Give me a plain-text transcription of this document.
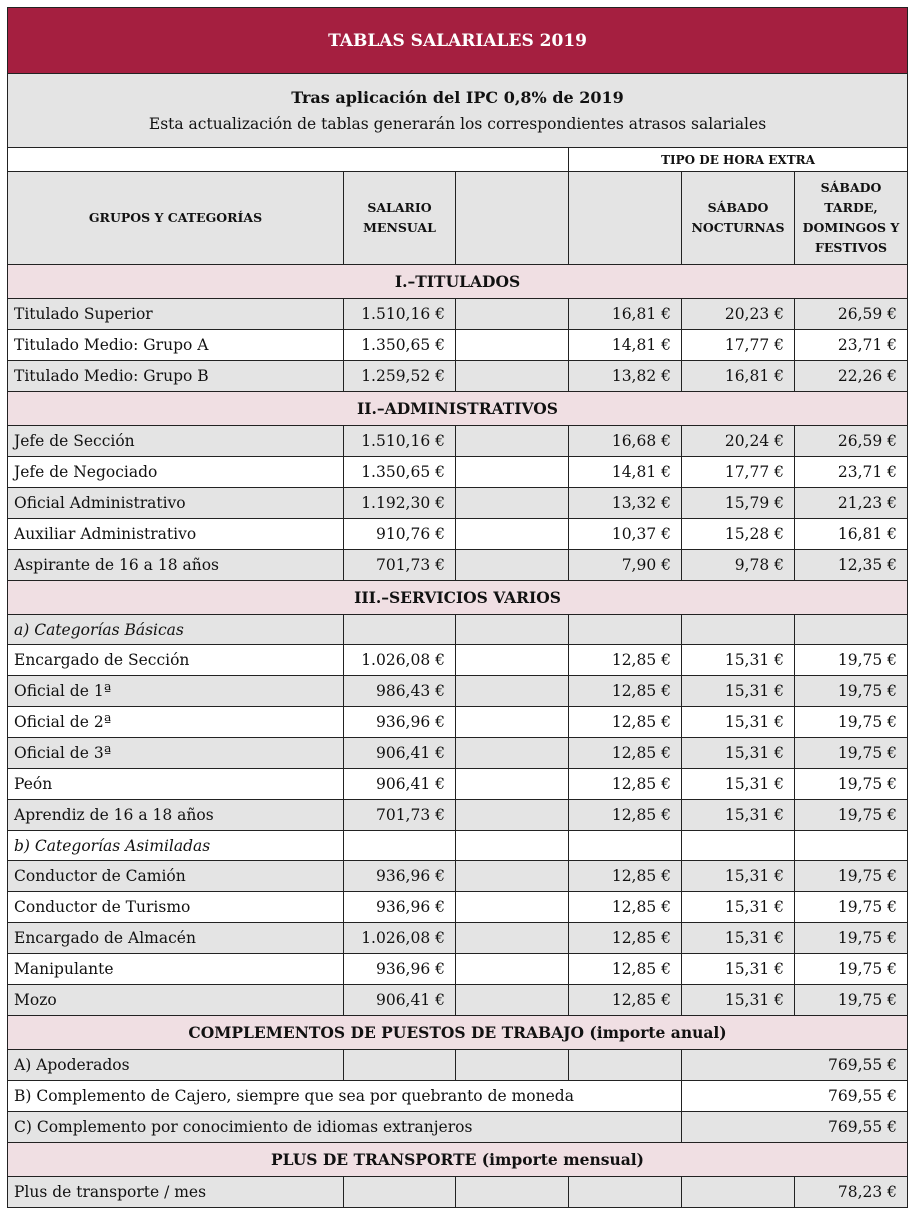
TABLAS SALARIALES 2019					

Tras aplicación del IPC 0,8% de 2019
Esta actualización de tablas generarán los correspondientes atrasos salariales					

			TIPO DE HORA EXTRA		
GRUPOS Y CATEGORÍAS	SALARIO MENSUAL			SÁBADO NOCTURNAS	SÁBADO TARDE, DOMINGOS Y FESTIVOS
I.–TITULADOS					
Titulado Superior	1.510,16 €		16,81 €	20,23 €	26,59 €
Titulado Medio: Grupo A	1.350,65 €		14,81 €	17,77 €	23,71 €
Titulado Medio: Grupo B	1.259,52 €		13,82 €	16,81 €	22,26 €
II.–ADMINISTRATIVOS					
Jefe de Sección	1.510,16 €		16,68 €	20,24 €	26,59 €
Jefe de Negociado	1.350,65 €		14,81 €	17,77 €	23,71 €
Oficial Administrativo	1.192,30 €		13,32 €	15,79 €	21,23 €
Auxiliar Administrativo	910,76 €		10,37 €	15,28 €	16,81 €
Aspirante de 16 a 18 años	701,73 €		7,90 €	9,78 €	12,35 €
III.–SERVICIOS VARIOS					
a) Categorías Básicas					
Encargado de Sección	1.026,08 €		12,85 €	15,31 €	19,75 €
Oficial de 1ª	986,43 €		12,85 €	15,31 €	19,75 €
Oficial de 2ª	936,96 €		12,85 €	15,31 €	19,75 €
Oficial de 3ª	906,41 €		12,85 €	15,31 €	19,75 €
Peón	906,41 €		12,85 €	15,31 €	19,75 €
Aprendiz de 16 a 18 años	701,73 €		12,85 €	15,31 €	19,75 €
b) Categorías Asimiladas					
Conductor de Camión	936,96 €		12,85 €	15,31 €	19,75 €
Conductor de Turismo	936,96 €		12,85 €	15,31 €	19,75 €
Encargado de Almacén	1.026,08 €		12,85 €	15,31 €	19,75 €
Manipulante	936,96 €		12,85 €	15,31 €	19,75 €
Mozo	906,41 €		12,85 €	15,31 €	19,75 €
COMPLEMENTOS DE PUESTOS DE TRABAJO (importe anual)					
A) Apoderados				769,55 €	
B) Complemento de Cajero, siempre que sea por quebranto de moneda				769,55 €	
C) Complemento por conocimiento de idiomas extranjeros				769,55 €	
PLUS DE TRANSPORTE (importe mensual)					
Plus de transporte / mes					78,23 €
